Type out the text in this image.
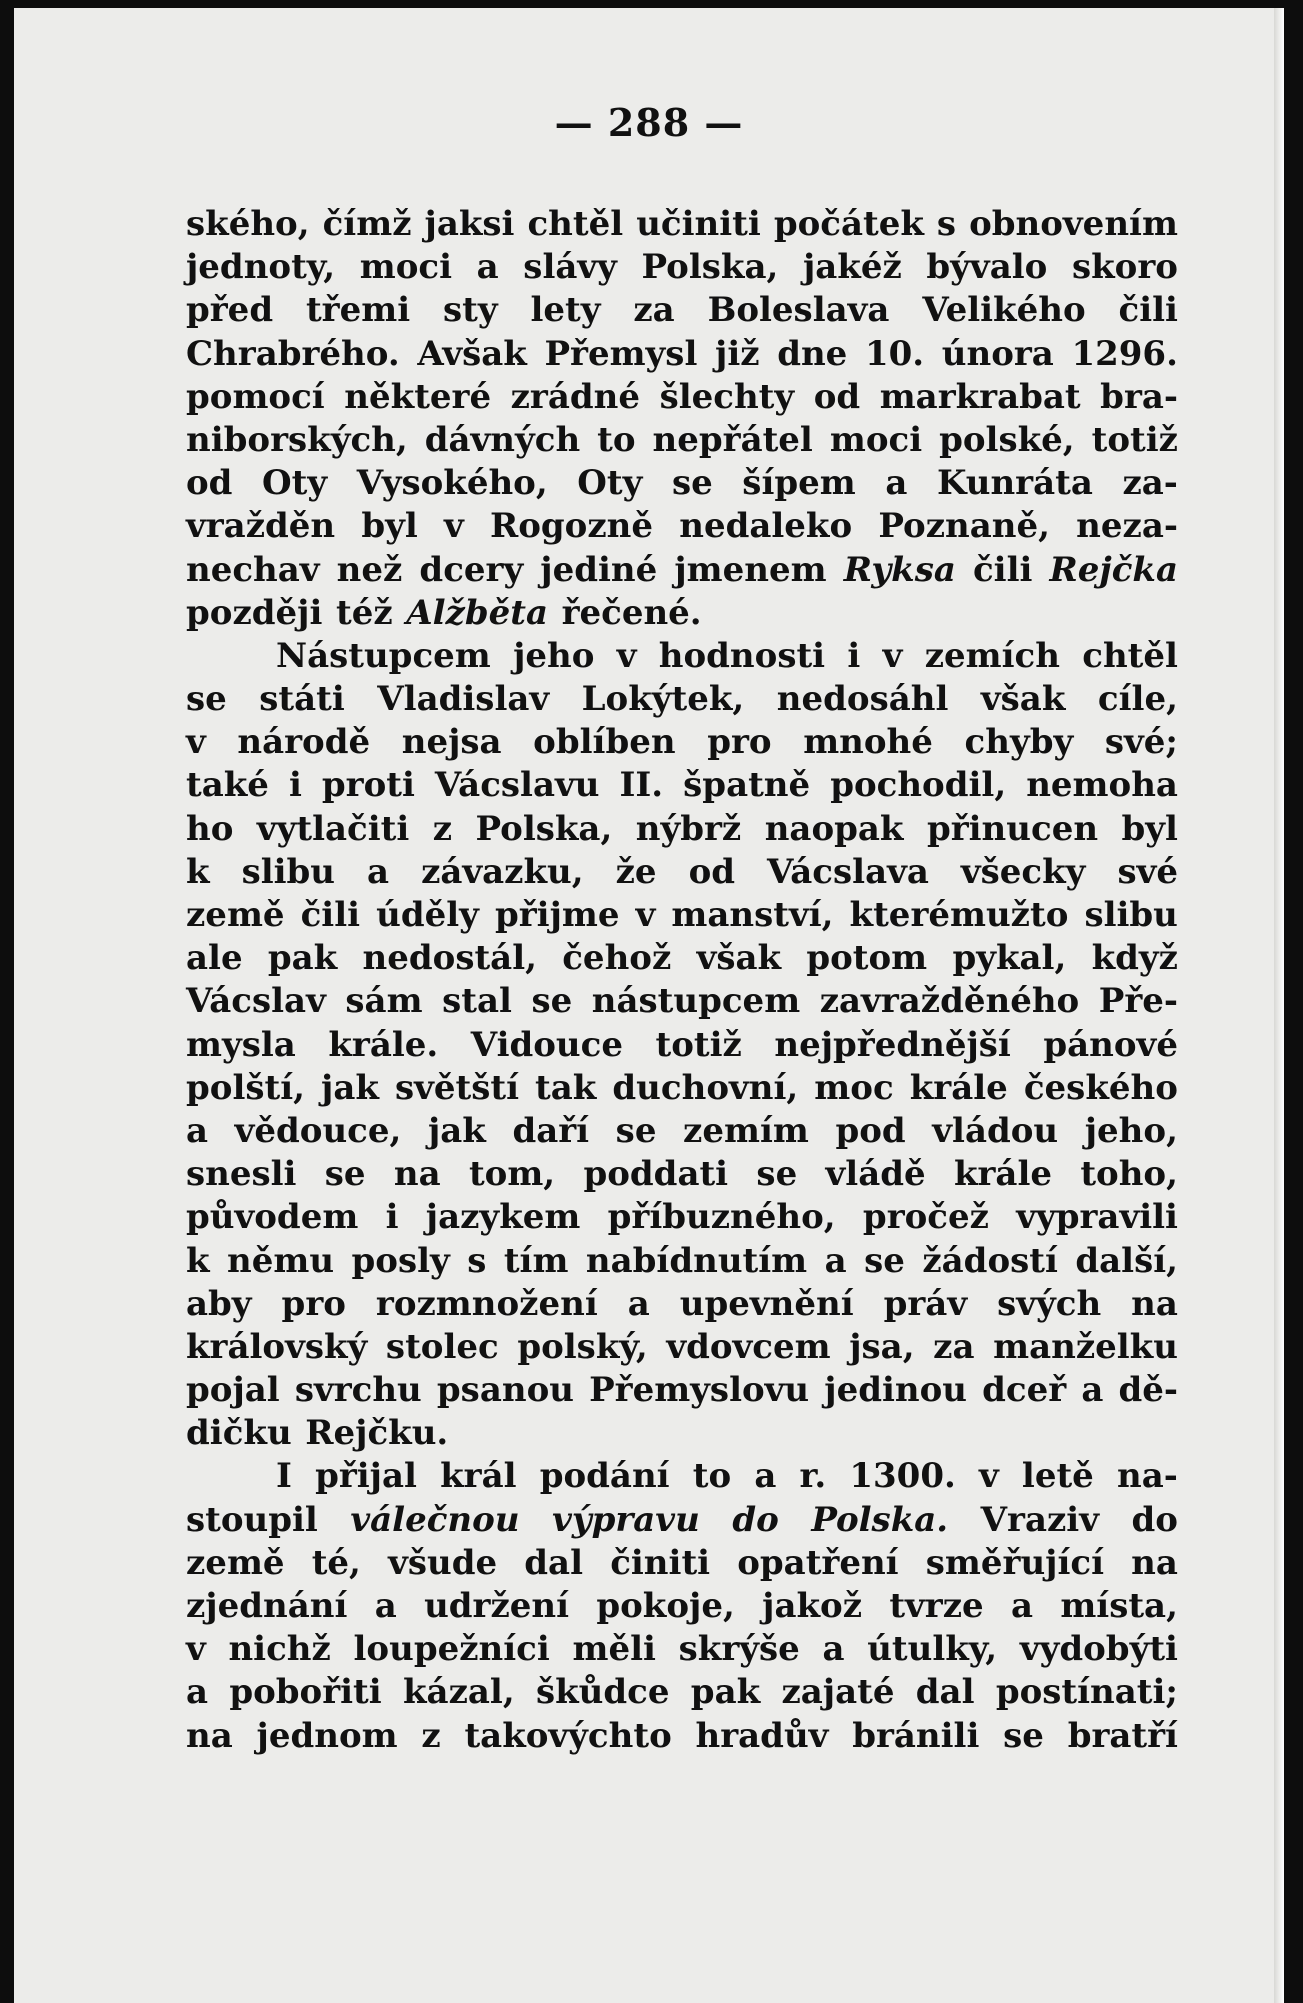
— 288 —
ského, čímž jaksi chtěl učiniti počátek s obnovením
jednoty, moci a slávy Polska, jakéž bývalo skoro
před třemi sty lety za Boleslava Velikého čili
Chrabrého. Avšak Přemysl již dne 10. února 1296.
pomocí některé zrádné šlechty od markrabat bra-
niborských, dávných to nepřátel moci polské, totiž
od Oty Vysokého, Oty se šípem a Kunráta za-
vražděn byl v Rogozně nedaleko Poznaně, neza-
nechav než dcery jediné jmenem Ryksa čili Rejčka
později též Alžběta řečené.
Nástupcem jeho v hodnosti i v zemích chtěl
se státi Vladislav Lokýtek, nedosáhl však cíle,
v národě nejsa oblíben pro mnohé chyby své;
také i proti Vácslavu II. špatně pochodil, nemoha
ho vytlačiti z Polska, nýbrž naopak přinucen byl
k slibu a závazku, že od Vácslava všecky své
země čili úděly přijme v manství, kterémužto slibu
ale pak nedostál, čehož však potom pykal, když
Vácslav sám stal se nástupcem zavražděného Pře-
mysla krále. Vidouce totiž nejpřednější pánové
polští, jak světští tak duchovní, moc krále českého
a vědouce, jak daří se zemím pod vládou jeho,
snesli se na tom, poddati se vládě krále toho,
původem i jazykem příbuzného, pročež vypravili
k němu posly s tím nabídnutím a se žádostí další,
aby pro rozmnožení a upevnění práv svých na
královský stolec polský, vdovcem jsa, za manželku
pojal svrchu psanou Přemyslovu jedinou dceř a dě-
dičku Rejčku.
I přijal král podání to a r. 1300. v letě na-
stoupil válečnou výpravu do Polska. Vraziv do
země té, všude dal činiti opatření směřující na
zjednání a udržení pokoje, jakož tvrze a místa,
v nichž loupežníci měli skrýše a útulky, vydobýti
a pobořiti kázal, škůdce pak zajaté dal postínati;
na jednom z takovýchto hradův bránili se bratří
